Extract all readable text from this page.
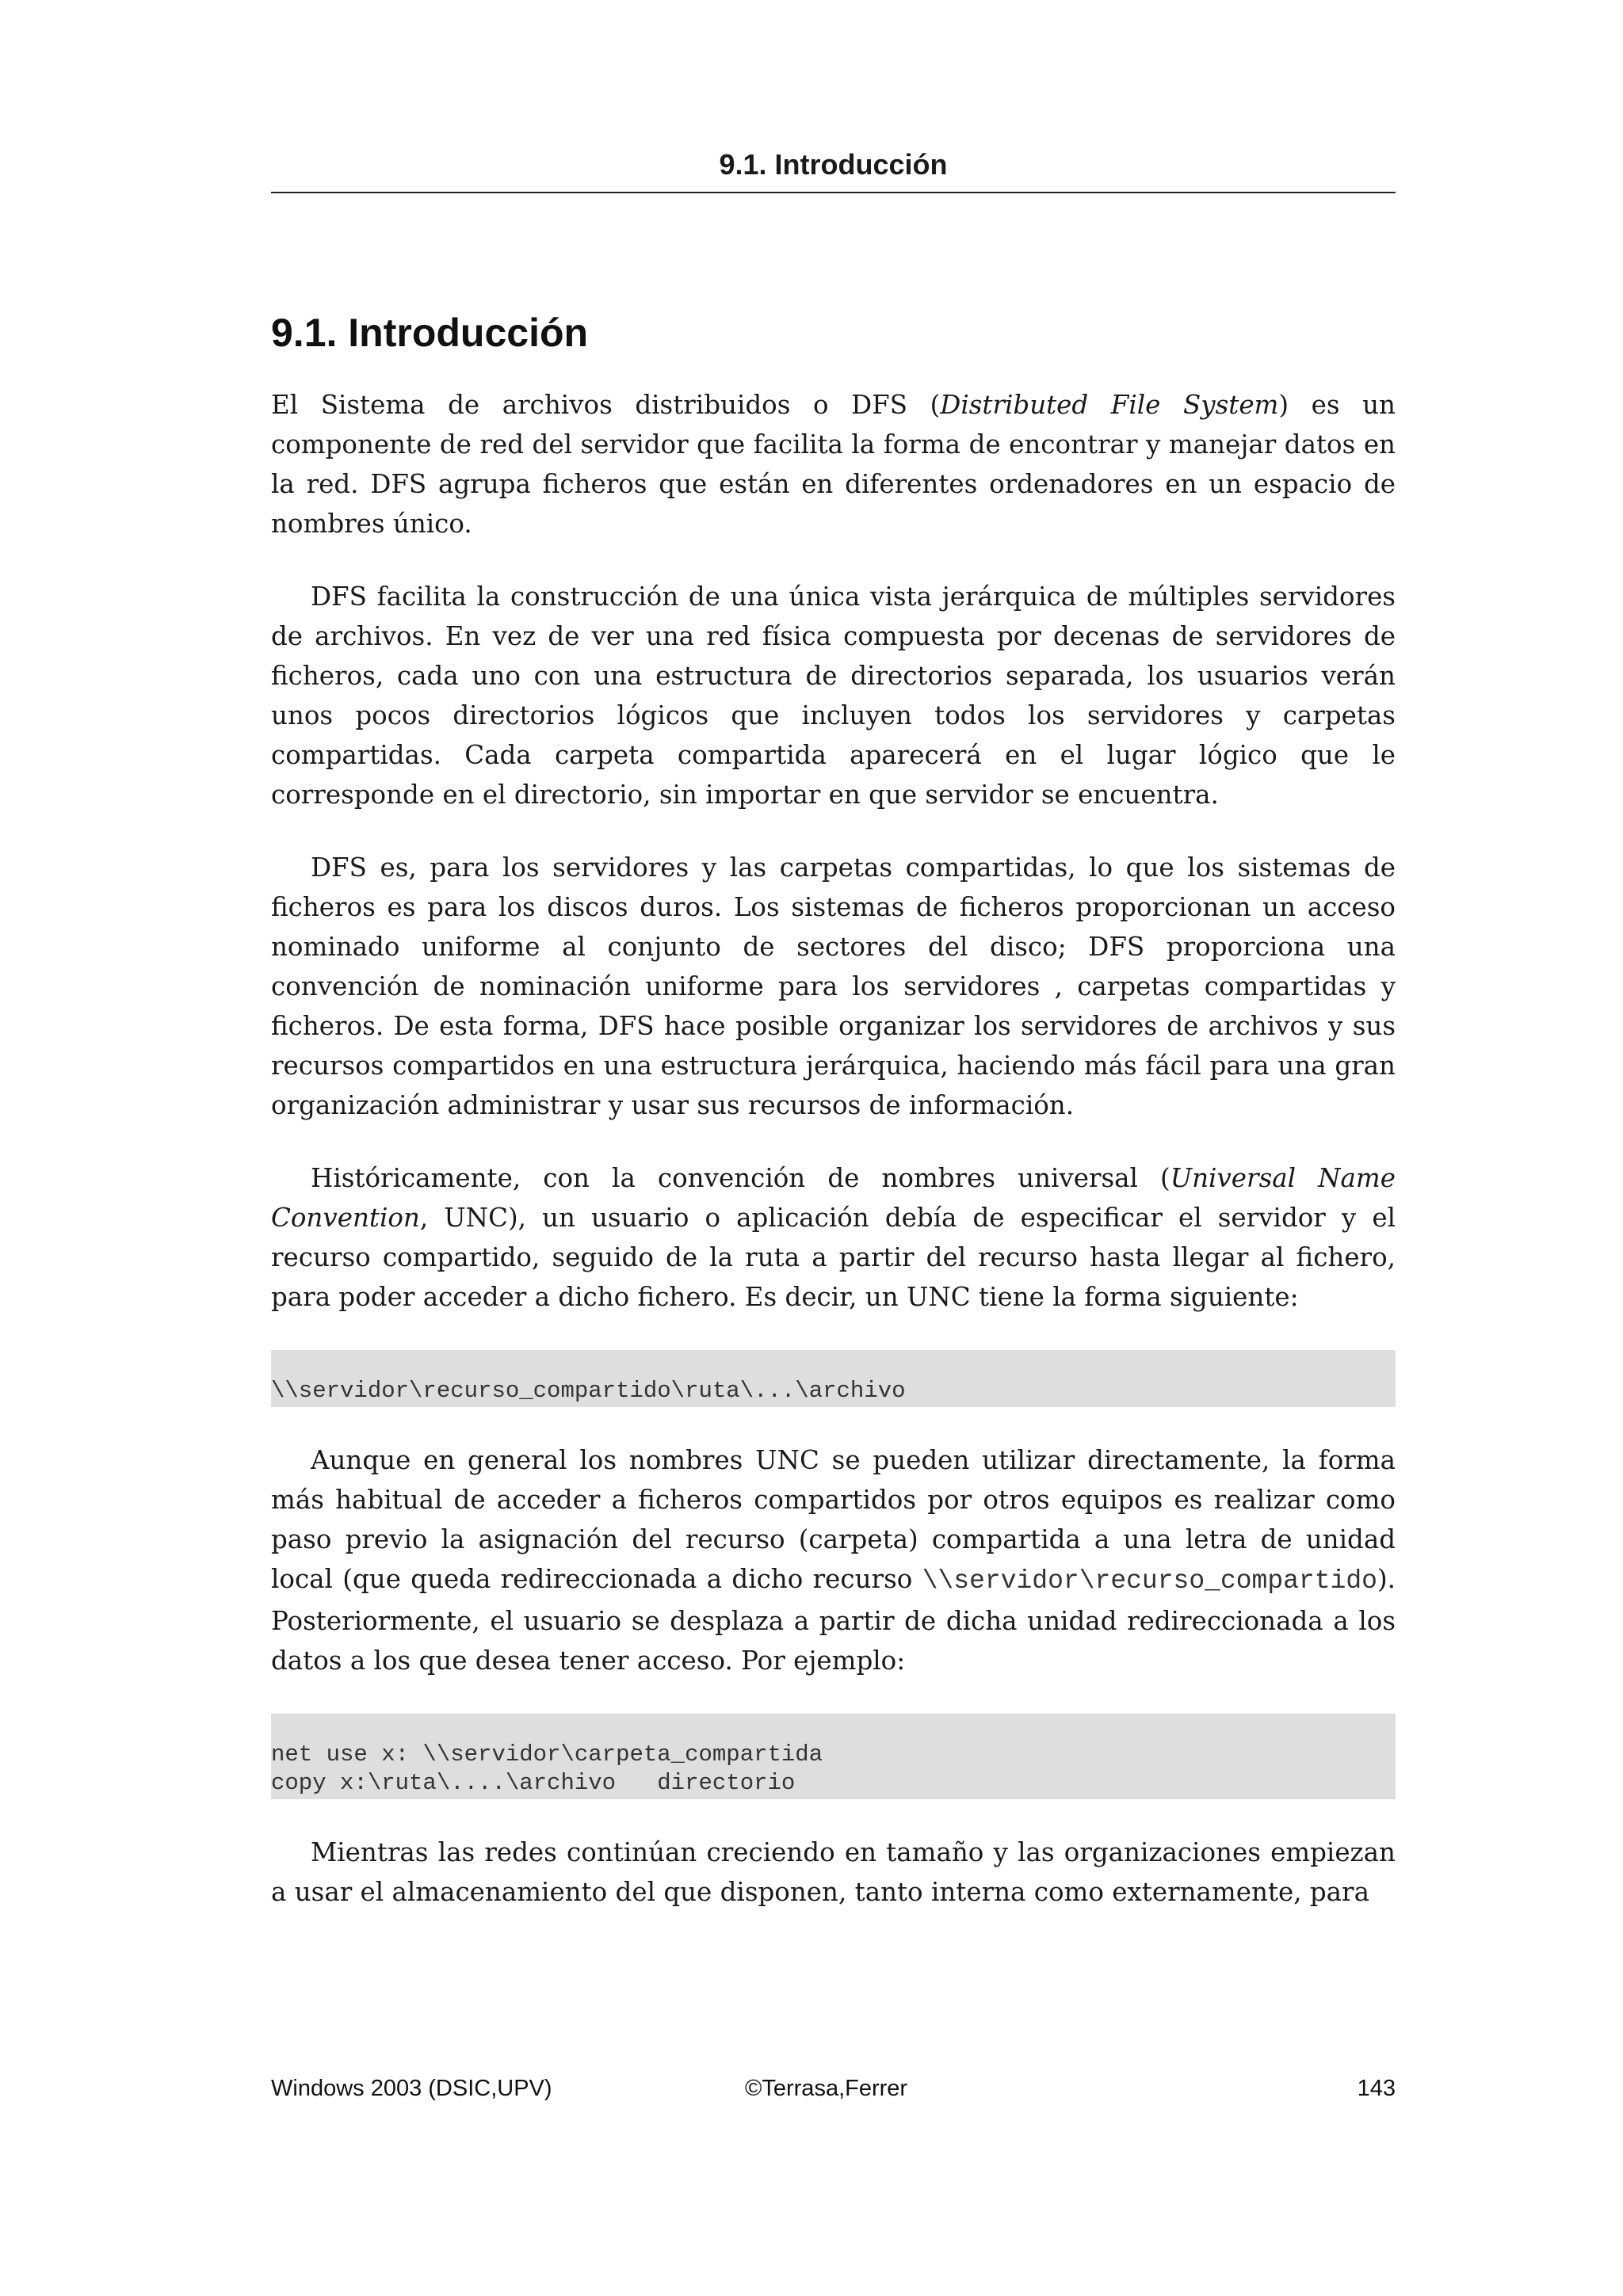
9.1. Introducción
9.1. Introducción

El Sistema de archivos distribuidos o DFS (Distributed File System) es un componente de red del servidor que facilita la forma de encontrar y manejar datos en la red. DFS agrupa ficheros que están en diferentes ordenadores en un espacio de nombres único.

DFS facilita la construcción de una única vista jerárquica de múltiples servidores de archivos. En vez de ver una red física compuesta por decenas de servidores de ficheros, cada uno con una estructura de directorios separada, los usuarios verán unos pocos directorios lógicos que incluyen todos los servidores y carpetas compartidas. Cada carpeta compartida aparecerá en el lugar lógico que le corresponde en el directorio, sin importar en que servidor se encuentra.

DFS es, para los servidores y las carpetas compartidas, lo que los sistemas de ficheros es para los discos duros. Los sistemas de ficheros proporcionan un acceso nominado uniforme al conjunto de sectores del disco; DFS proporciona una convención de nominación uniforme para los servidores , carpetas compartidas y ficheros. De esta forma, DFS hace posible organizar los servidores de archivos y sus recursos compartidos en una estructura jerárquica, haciendo más fácil para una gran organización administrar y usar sus recursos de información.

Históricamente, con la convención de nombres universal (Universal Name Convention, UNC), un usuario o aplicación debía de especificar el servidor y el recurso compartido, seguido de la ruta a partir del recurso hasta llegar al fichero, para poder acceder a dicho fichero. Es decir, un UNC tiene la forma siguiente:

\\servidor\recurso_compartido\ruta\...\archivo

Aunque en general los nombres UNC se pueden utilizar directamente, la forma más habitual de acceder a ficheros compartidos por otros equipos es realizar como paso previo la asignación del recurso (carpeta) compartida a una letra de unidad local (que queda redireccionada a dicho recurso \\servidor\recurso_compartido). Posteriormente, el usuario se desplaza a partir de dicha unidad redireccionada a los datos a los que desea tener acceso. Por ejemplo:

net use x: \\servidor\carpeta_compartida
copy x:\ruta\....\archivo   directorio

Mientras las redes continúan creciendo en tamaño y las organizaciones empiezan a usar el almacenamiento del que disponen, tanto interna como externamente, para

Windows 2003 (DSIC,UPV)	©Terrasa,Ferrer	143
